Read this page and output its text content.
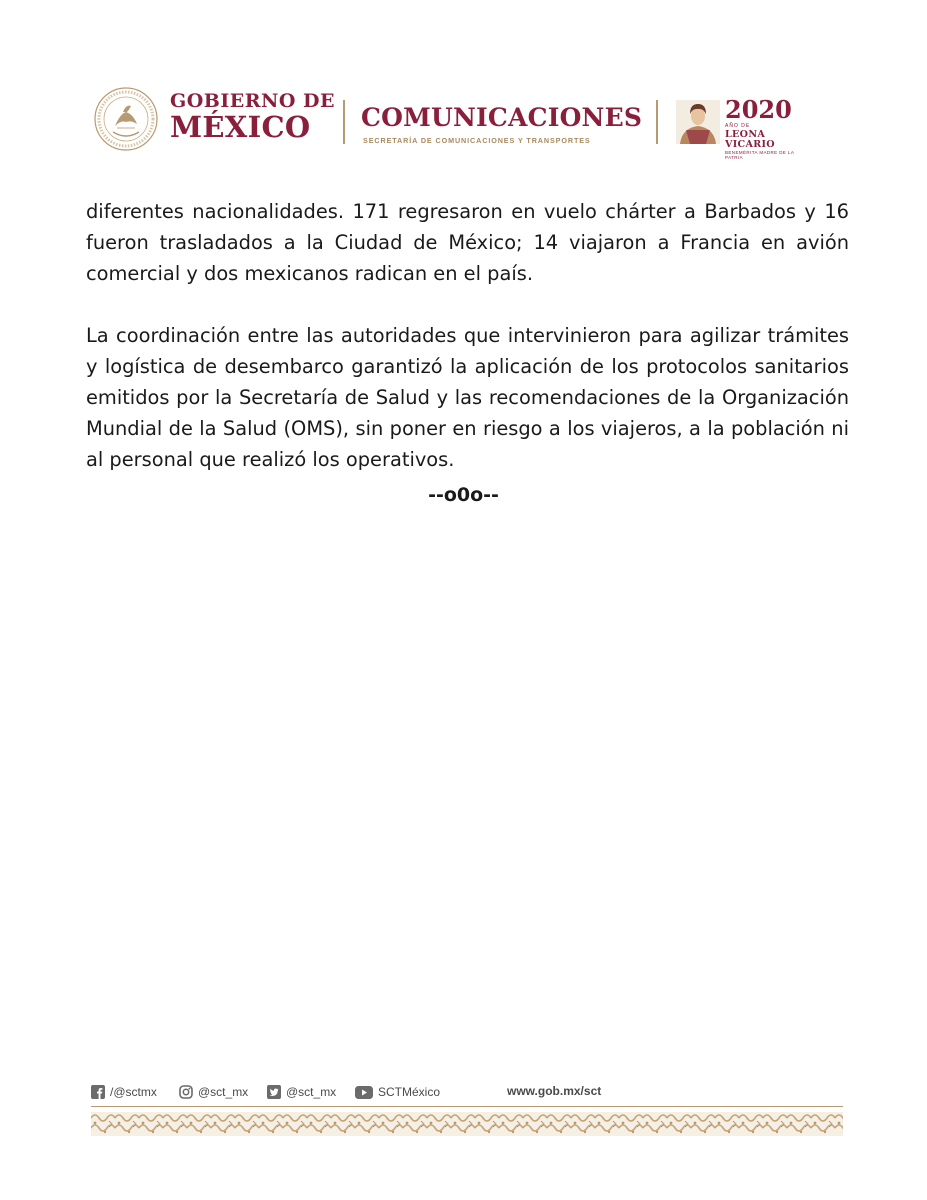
GOBIERNO DE
MÉXICO	COMUNICACIONES
SECRETARÍA DE COMUNICACIONES Y TRANSPORTES
2020
AÑO DE
LEONA VICARIO
BENEMÉRITA MADRE DE LA PATRIA

diferentes nacionalidades. 171 regresaron en vuelo chárter a Barbados y 16 fueron trasladados a la Ciudad de México; 14 viajaron a Francia en avión comercial y dos mexicanos radican en el país.

La coordinación entre las autoridades que intervinieron para agilizar trámites y logística de desembarco garantizó la aplicación de los protocolos sanitarios emitidos por la Secretaría de Salud y las recomendaciones de la Organización Mundial de la Salud (OMS), sin poner en riesgo a los viajeros, a la población ni al personal que realizó los operativos.

--o0o--
/@sctmx	@sct_mx	@sct_mx	SCTMéxico	www.gob.mx/sct
